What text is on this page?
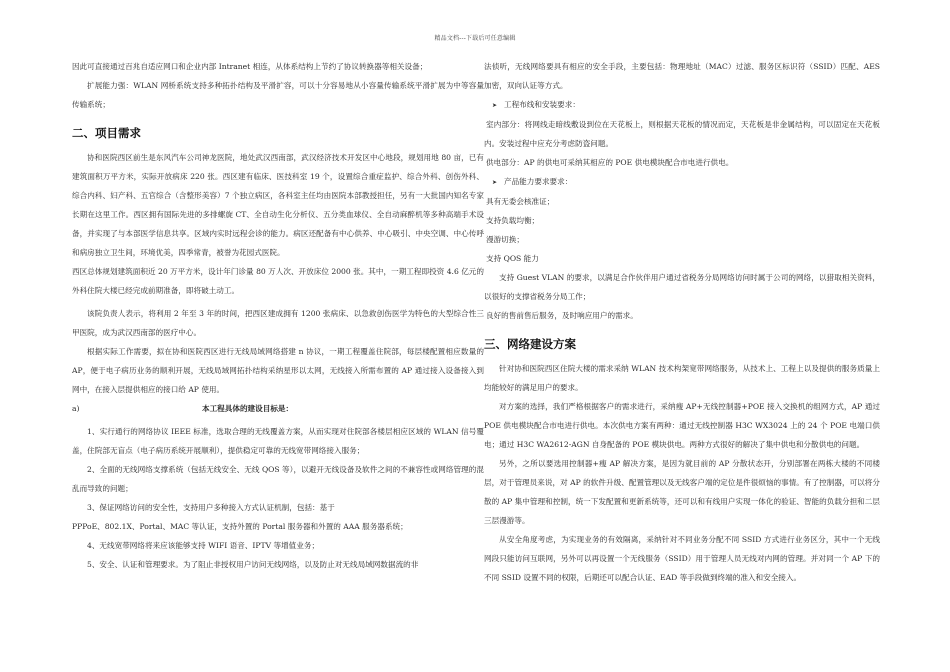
精品文档---下载后可任意编辑

因此可直接通过百兆自适应网口和企业内部 Intranet 相连，从体系结构上节约了协议转换器等相关设备；

扩展能力强：WLAN 网桥系统支持多种拓扑结构及平滑扩容，可以十分容易地从小容量传输系统平滑扩展为中等容量传输系统；

二、项目需求

协和医院西区前生是东风汽车公司神龙医院，地处武汉西南部，武汉经济技术开发区中心地段，规划用地 80 亩，已有建筑面积万平方米，实际开放病床 220 张。西区建有临床、医技科室 19 个，设置综合重症监护、综合外科、创伤外科、综合内科、妇产科、五官综合（含整形美容）7 个独立病区，各科室主任均由医院本部教授担任，另有一大批国内知名专家长期在这里工作。西区拥有国际先进的多排螺旋 CT、全自动生化分析仪、五分类血球仪、全自动麻醉机等多种高端手术设备，并实现了与本部医学信息共享。区域内实时远程会诊的能力。病区还配备有中心供养、中心吸引、中央空调、中心传呼和病房独立卫生间，环境优美，四季常青，被誉为花园式医院。

西区总体规划建筑面积近 20 万平方米，设计年门诊量 80 万人次、开放床位 2000 张。其中，一期工程即投资 4.6 亿元的外科住院大楼已经完成前期准备，即将破土动工。

该院负责人表示，将利用 2 年至 3 年的时间，把西区建成拥有 1200 张病床、以急救创伤医学为特色的大型综合性三甲医院，成为武汉西南部的医疗中心。

根据实际工作需要，拟在协和医院西区进行无线局域网络搭建 n 协议，一期工程覆盖住院部，每层楼配置相应数量的 AP，便于电子病历业务的顺利开展，无线局域网拓扑结构采纳星形以太网，无线接入所需布置的 AP 通过接入设备接入到网中，在接入层提供相应的接口给 AP 使用。

a)	本工程具体的建设目标是：

1、实行通行的网络协议 IEEE 标准，选取合理的无线覆盖方案，从而实现对住院部各楼层相应区域的 WLAN 信号覆盖，住院部无盲点（电子病历系统开展顺利），提供稳定可靠的无线宽带网络接入服务；

2、全面的无线网络支撑系统（包括无线安全、无线 QOS 等），以避开无线设备及软件之间的不兼容性或网络管理的混乱而导致的问题；

3、保证网络访问的安全性，支持用户多种接入方式认证机制，包括：基于

PPPoE、802.1X、Portal、MAC 等认证，支持外置的 Portal 服务器和外置的 AAA 服务器系统；

4、无线宽带网络将来应该能够支持 WIFI 语音、IPTV 等增值业务；

5、安全、认证和管理要求。为了阻止非授权用户访问无线网络，以及防止对无线局域网数据流的非

法侦听，无线网络要具有相应的安全手段，主要包括：物理地址（MAC）过滤、服务区标识符（SSID）匹配、AES 加密，双向认证等方式。

➤ 工程布线和安装要求：

室内部分：将网线走暗线敷设到位在天花板上，则根据天花板的情况而定，天花板是非金属结构，可以固定在天花板内。安装过程中应充分考虑防盗问题。

供电部分：AP 的供电可采纳其相应的 POE 供电模块配合市电进行供电。

➤ 产品能力要求要求：

具有无委会核准证；

支持负载均衡；

漫游切换；

支持 QOS 能力

支持 Guest VLAN 的要求，以满足合作伙伴用户通过省税务分局网络访问时属于公司的网络，以猎取相关资料，以很好的支撑省税务分局工作；

良好的售前售后服务，及时响应用户的需求。

三、网络建设方案

针对协和医院西区住院大楼的需求采纳 WLAN 技术构架宽带网络服务，从技术上、工程上以及提供的服务质量上均能较好的满足用户的要求。

对方案的选择，我们严格根据客户的需求进行，采纳瘦 AP+无线控制器+POE 接入交换机的组网方式，AP 通过 POE 供电模块配合市电进行供电。本次供电方案有两种：通过无线控制器 H3C WX3024 上的 24 个 POE 电端口供电；通过 H3C WA2612-AGN 自身配备的 POE 模块供电。两种方式很好的解决了集中供电和分散供电的问题。

另外，之所以要选用控制器+瘦 AP 解决方案，是因为就目前的 AP 分散状态开，分别部署在两栋大楼的不同楼层，对于管理员来说，对 AP 的软件升级、配置管理以及无线客户端的定位是件很烦恼的事情。有了控制器，可以将分散的 AP 集中管理和控制，统一下发配置和更新系统等，还可以和有线用户实现一体化的验证、智能的负载分担和二层三层漫游等。

从安全角度考虑，为实现业务的有效隔离，采纳针对不同业务分配不同 SSID 方式进行业务区分，其中一个无线网段只能访问互联网，另外可以再设置一个无线服务（SSID）用于管理人员无线对内网的管理。并对同一个 AP 下的不同 SSID 设置不同的权限，后期还可以配合认证、EAD 等手段做到终端的准入和安全接入。
